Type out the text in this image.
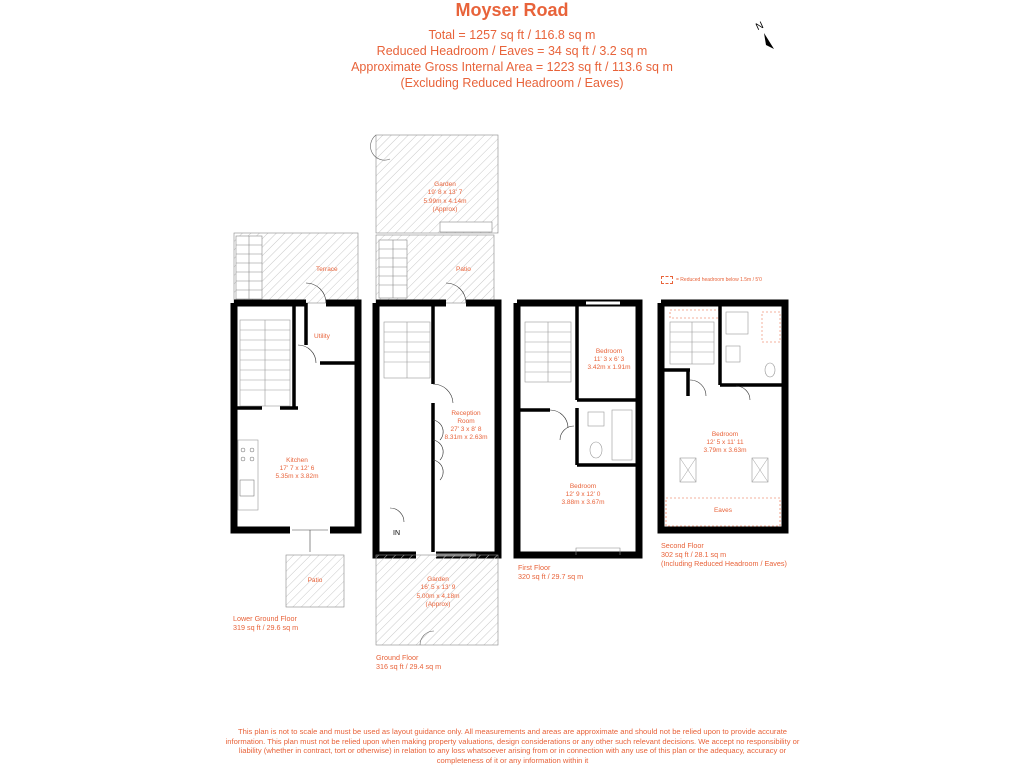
Moyser Road
Total = 1257 sq ft / 116.8 sq m
Reduced Headroom / Eaves = 34 sq ft / 3.2 sq m
Approximate Gross Internal Area = 1223 sq ft / 113.6 sq m
(Excluding Reduced Headroom / Eaves)
N
= Reduced headroom below 1.5m / 5'0
Terrace
Utility
Kitchen
17' 7 x 12' 6
5.35m x 3.82m
Patio
Lower Ground Floor
319 sq ft / 29.6 sq m
Garden
19' 8 x 13' 7
5.99m x 4.14m
(Approx)
Patio
Reception
Room
27' 3 x 8' 8
8.31m x 2.63m
IN
Garden
16' 5 x 13' 9
5.00m x 4.18m
(Approx)
Ground Floor
316 sq ft / 29.4 sq m
Bedroom
11' 3 x 6' 3
3.42m x 1.91m
Bedroom
12' 9 x 12' 0
3.88m x 3.67m
First Floor
320 sq ft / 29.7 sq m
Bedroom
12' 5 x 11' 11
3.79m x 3.63m
Eaves
Second Floor
302 sq ft / 28.1 sq m
(Including Reduced Headroom / Eaves)
This plan is not to scale and must be used as layout guidance only. All measurements and areas are approximate and should not be relied upon to provide accurate information. This plan must not be relied upon when making property valuations, design considerations or any other such relevant decisions. We accept no responsibility or liability (whether in contract, tort or otherwise) in relation to any loss whatsoever arising from or in connection with any use of this plan or the adequacy, accuracy or completeness of it or any information within it
